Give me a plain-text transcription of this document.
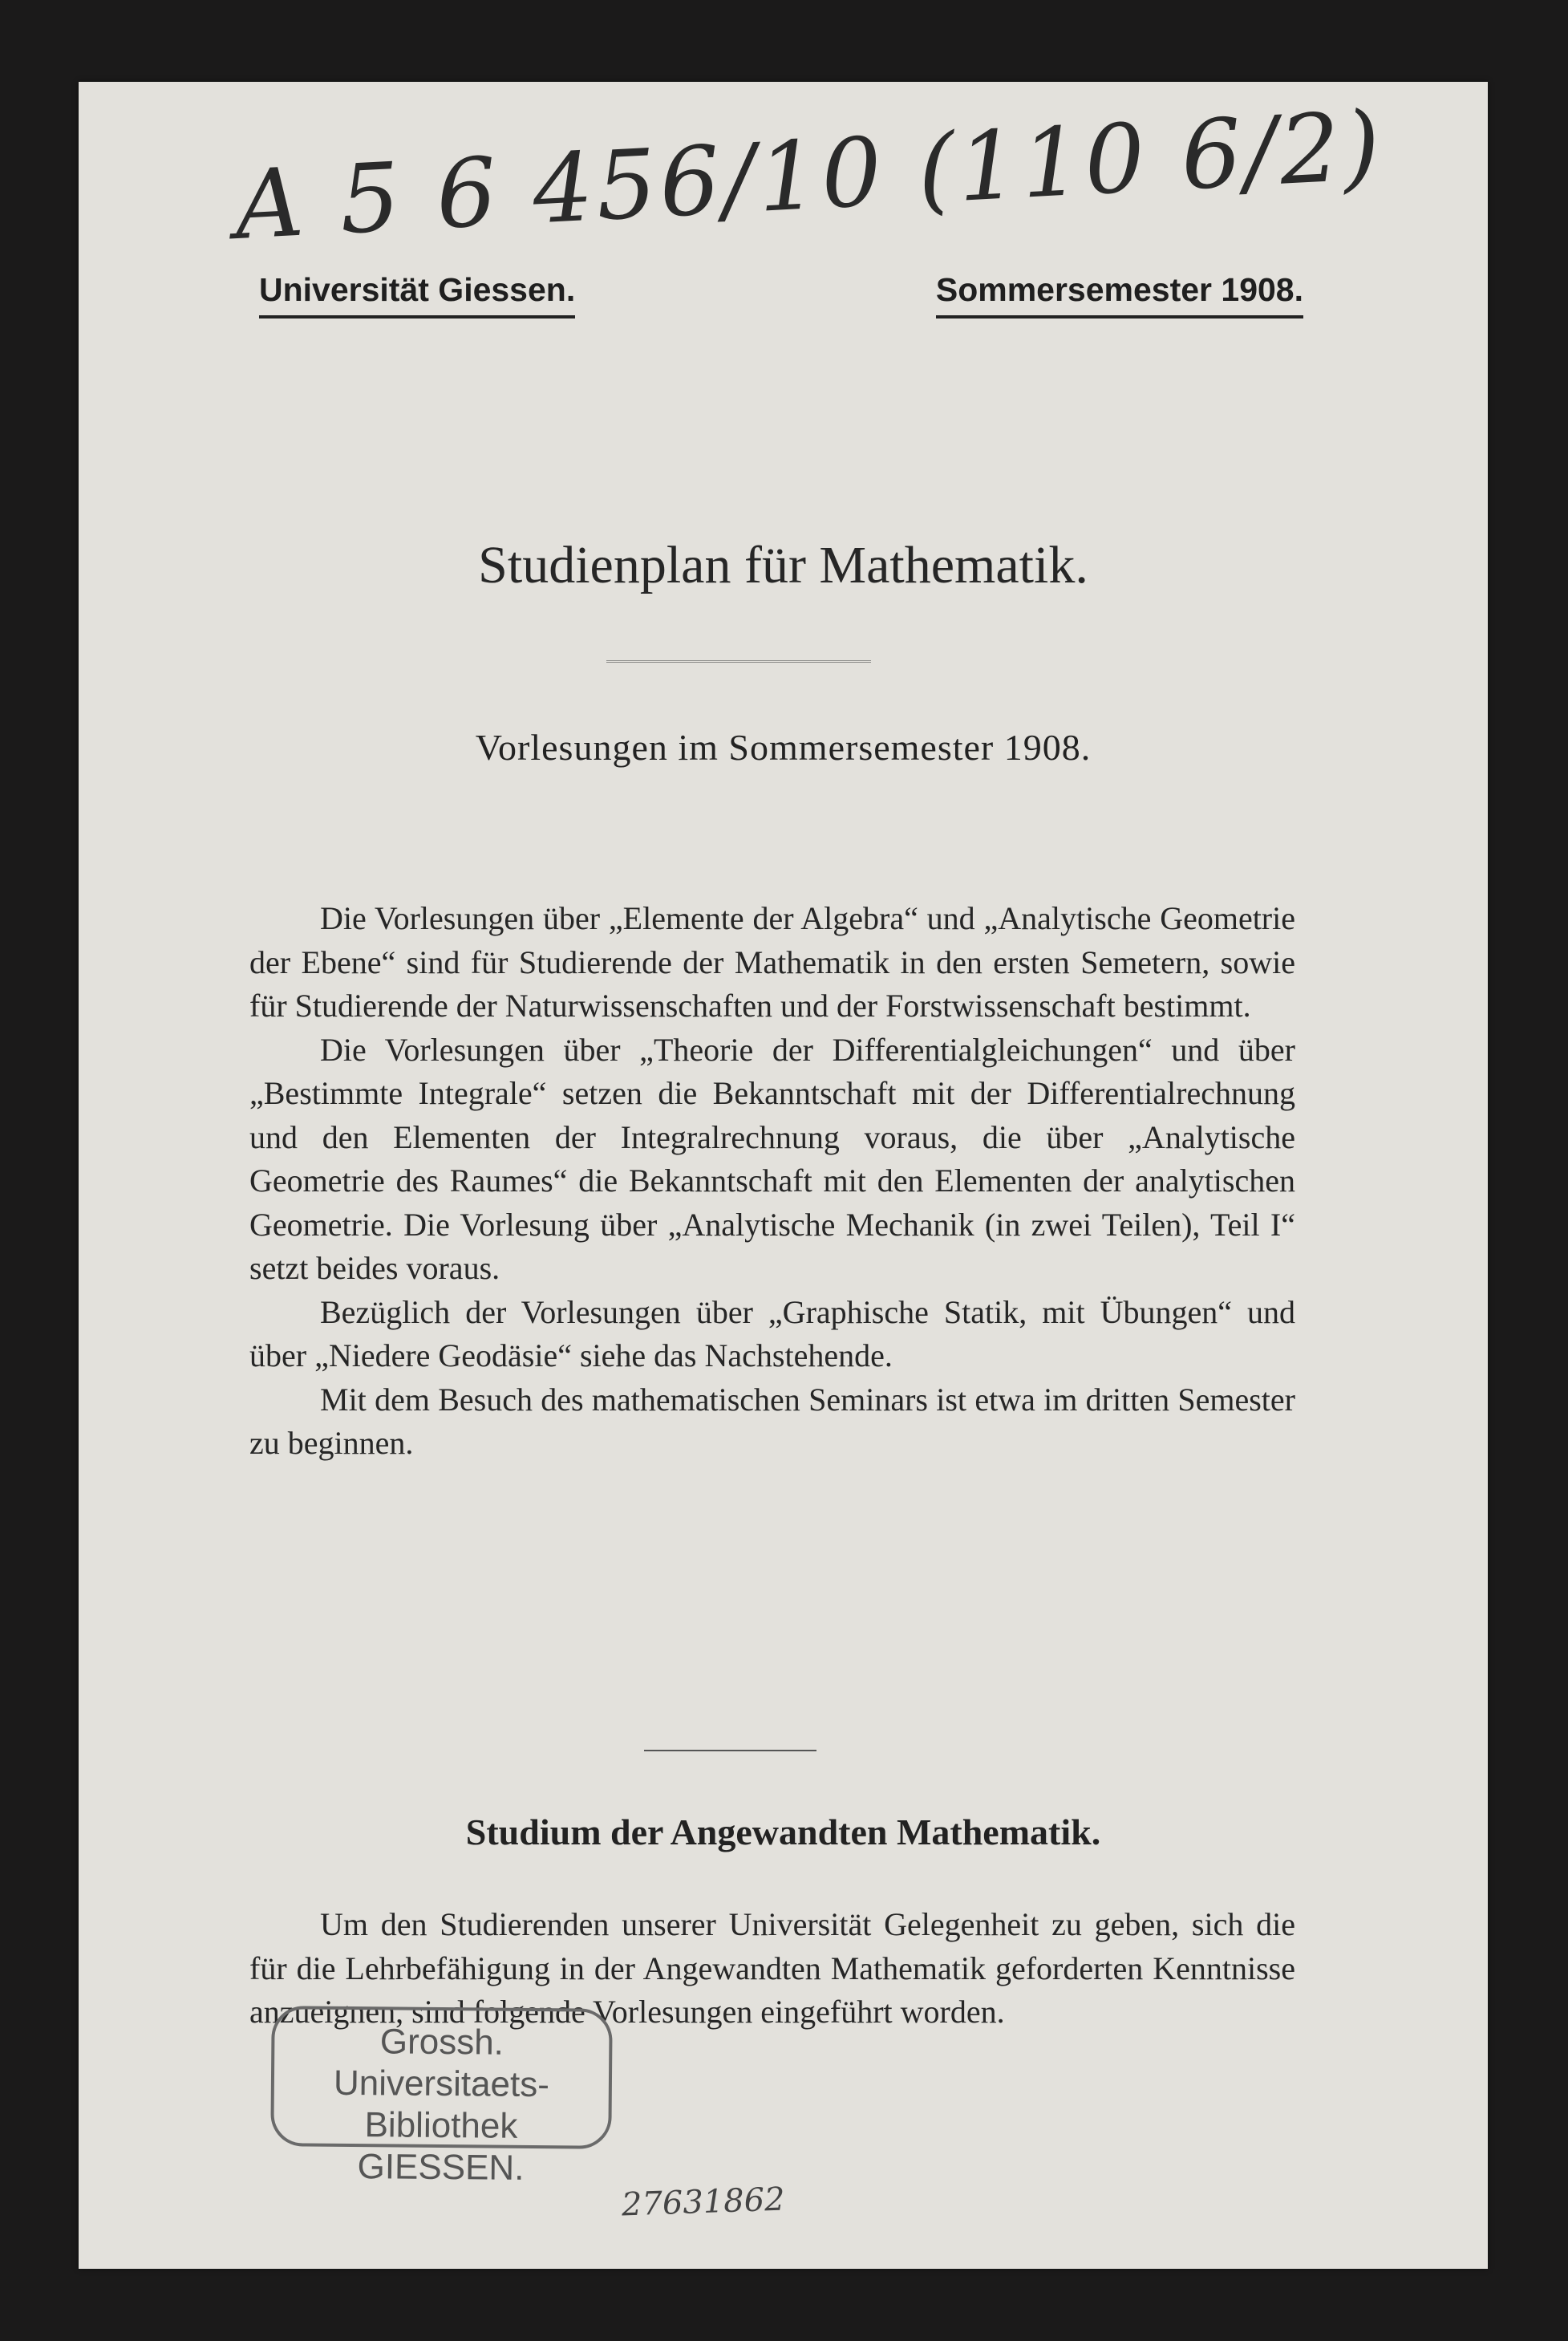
A 5 6 456/10 (110 6/2)
Universität Giessen.	Sommersemester 1908.
Studienplan für Mathematik.
Vorlesungen im Sommersemester 1908.

Die Vorlesungen über „Elemente der Algebra“ und „Analytische Geometrie der Ebene“ sind für Studierende der Mathematik in den ersten Semetern, sowie für Studierende der Naturwissenschaften und der Forstwissenschaft bestimmt.

Die Vorlesungen über „Theorie der Differentialgleichungen“ und über „Bestimmte Integrale“ setzen die Bekanntschaft mit der Differentialrechnung und den Elementen der Integralrechnung voraus, die über „Analytische Geometrie des Raumes“ die Bekanntschaft mit den Elementen der analytischen Geometrie. Die Vorlesung über „Analytische Mechanik (in zwei Teilen), Teil I“ setzt beides voraus.

Bezüglich der Vorlesungen über „Graphische Statik, mit Übungen“ und über „Niedere Geodäsie“ siehe das Nachstehende.

Mit dem Besuch des mathematischen Seminars ist etwa im dritten Semester zu beginnen.

Studium der Angewandten Mathematik.

Um den Studierenden unserer Universität Gelegenheit zu geben, sich die für die Lehrbefähigung in der Angewandten Mathematik geforderten Kenntnisse anzueignen, sind folgende Vorlesungen eingeführt worden.

Grossh.
Universitaets-
Bibliothek
GIESSEN.
27631862
